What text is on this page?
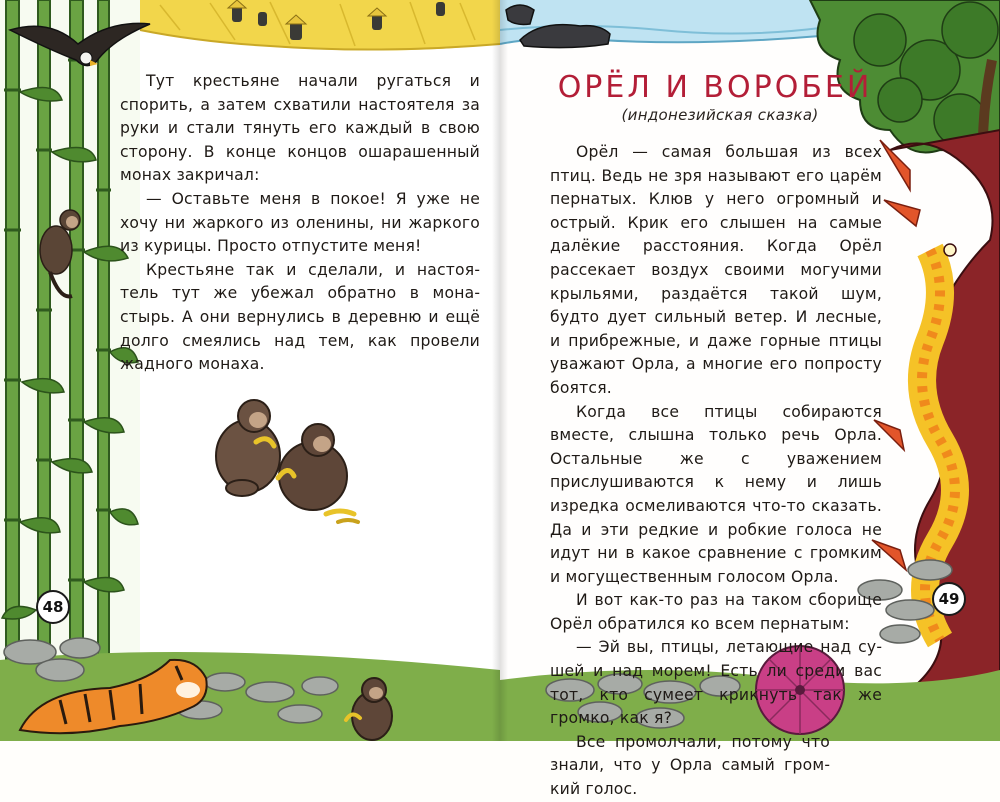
Тут крестьяне начали ругаться и спорить, а затем схватили настоятеля за руки и стали тянуть его каждый в свою сторону. В конце концов ошарашенный монах закричал:

— Оставьте меня в покое! Я уже не хочу ни жаркого из оленины, ни жаркого из курицы. Просто отпустите меня!

Крестьяне так и сделали, и настоятель тут же убежал обратно в монастырь. А они вернулись в деревню и ещё долго смеялись над тем, как провели жадного монаха.

48	49
ОРЁЛ И ВОРОБЕЙ

(индонезийская сказка)

Орёл — самая большая из всех птиц. Ведь не зря называют его царём пернатых. Клюв у него огромный и острый. Крик его слышен на самые далёкие расстояния. Когда Орёл рассекает воздух своими могучими крыльями, раздаётся такой шум, будто дует сильный ветер. И лесные, и прибрежные, и даже горные птицы уважают Орла, а многие его попросту боятся.

Когда все птицы собираются вместе, слышна только речь Орла. Остальные же с уважением прислушиваются к нему и лишь изредка осмеливаются что-то сказать. Да и эти редкие и робкие голоса не идут ни в какое сравнение с громким и могущественным голосом Орла.

И вот как-то раз на таком сборище Орёл обратился ко всем пернатым:

— Эй вы, птицы, летающие над сушей и над морем! Есть ли среди вас тот, кто сумеет крикнуть так же громко, как я?

Все промолчали, потому что знали, что у Орла самый громкий голос.
